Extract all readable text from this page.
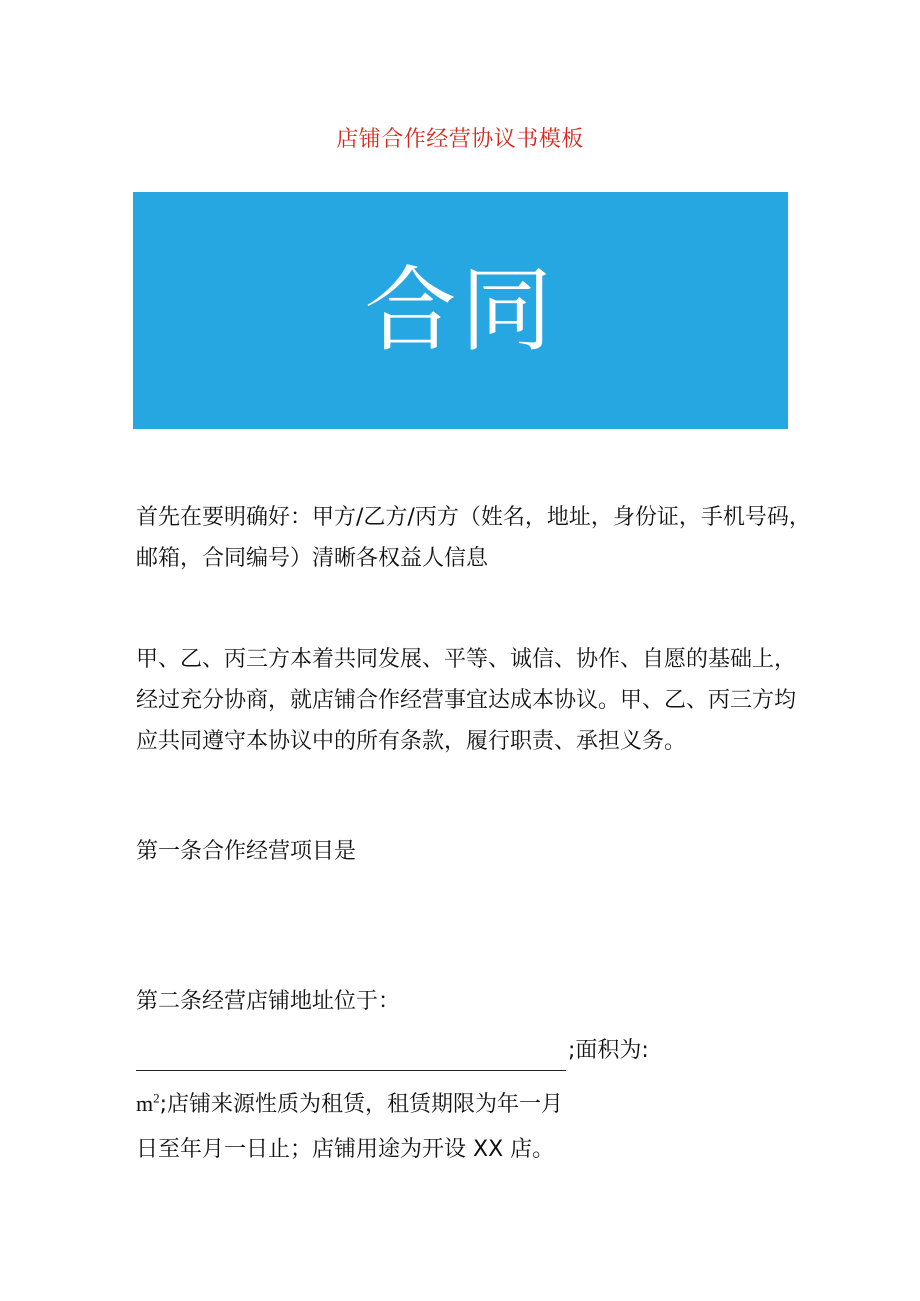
店铺合作经营协议书模板
合同

首先在要明确好：甲方/乙方/丙方（姓名，地址，身份证，手机号码，邮箱，合同编号）清晰各权益人信息

甲、乙、丙三方本着共同发展、平等、诚信、协作、自愿的基础上，经过充分协商，就店铺合作经营事宜达成本协议。甲、乙、丙三方均应共同遵守本协议中的所有条款，履行职责、承担义务。

第一条合作经营项目是

第二条经营店铺地址位于：

;面积为:

$m^2$;店铺来源性质为租赁，租赁期限为年一月

日至年月一日止；店铺用途为开设 XX 店。
